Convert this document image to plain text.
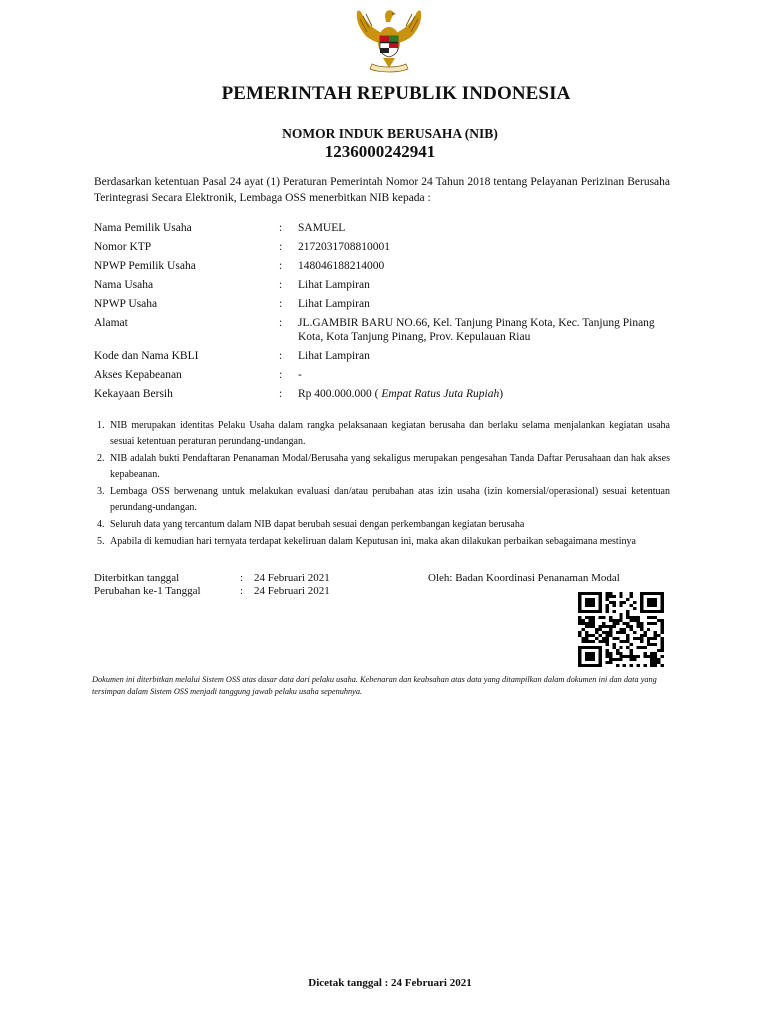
PEMERINTAH REPUBLIK INDONESIA
NOMOR INDUK BERUSAHA (NIB)
1236000242941
Berdasarkan ketentuan Pasal 24 ayat (1) Peraturan Pemerintah Nomor 24 Tahun 2018 tentang Pelayanan Perizinan Berusaha Terintegrasi Secara Elektronik, Lembaga OSS menerbitkan NIB kepada :
Nama Pemilik Usaha	:	SAMUEL
Nomor KTP	:	2172031708810001
NPWP Pemilik Usaha	:	148046188214000
Nama Usaha	:	Lihat Lampiran
NPWP Usaha	:	Lihat Lampiran
Alamat	:	JL.GAMBIR BARU NO.66, Kel. Tanjung Pinang Kota, Kec. Tanjung Pinang Kota, Kota Tanjung Pinang, Prov. Kepulauan Riau
Kode dan Nama KBLI	:	Lihat Lampiran
Akses Kepabeanan	:	-
Kekayaan Bersih	:	Rp 400.000.000 ( Empat Ratus Juta Rupiah)
1. NIB merupakan identitas Pelaku Usaha dalam rangka pelaksanaan kegiatan berusaha dan berlaku selama menjalankan kegiatan usaha sesuai ketentuan peraturan perundang-undangan.
2. NIB adalah bukti Pendaftaran Penanaman Modal/Berusaha yang sekaligus merupakan pengesahan Tanda Daftar Perusahaan dan hak akses kepabeanan.
3. Lembaga OSS berwenang untuk melakukan evaluasi dan/atau perubahan atas izin usaha (izin komersial/operasional) sesuai ketentuan perundang-undangan.
4. Seluruh data yang tercantum dalam NIB dapat berubah sesuai dengan perkembangan kegiatan berusaha
5. Apabila di kemudian hari ternyata terdapat kekeliruan dalam Keputusan ini, maka akan dilakukan perbaikan sebagaimana mestinya
Diterbitkan tanggal	: 24 Februari 2021
Perubahan ke-1 Tanggal	: 24 Februari 2021
Oleh: Badan Koordinasi Penanaman Modal
Dokumen ini diterbitkan melalui Sistem OSS atas dasar data dari pelaku usaha. Kebenaran dan keabsahan atas data yang ditampilkan dalam dokumen ini dan data yang tersimpan dalam Sistem OSS menjadi tanggung jawab pelaku usaha sepenuhnya.
Dicetak tanggal : 24 Februari 2021
